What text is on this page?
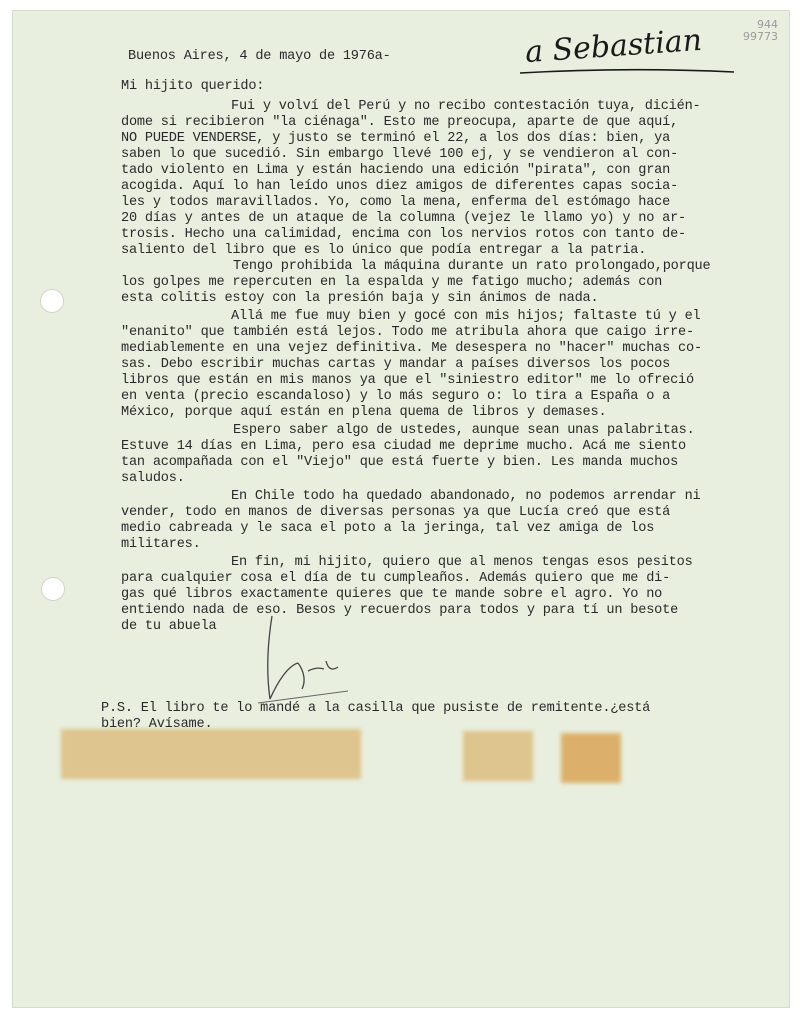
944
99773
a Sebastian
Buenos Aires, 4 de mayo de 1976a-
Mi hijito querido:
Fui y volví del Perú y no recibo contestación tuya, dicién-
dome si recibieron "la ciénaga". Esto me preocupa, aparte de que aquí,
NO PUEDE VENDERSE, y justo se terminó el 22, a los dos días: bien, ya
saben lo que sucedió. Sin embargo llevé 100 ej, y se vendieron al con-
tado violento en Lima y están haciendo una edición "pirata", con gran
acogida. Aquí lo han leído unos diez amigos de diferentes capas socia-
les y todos maravillados. Yo, como la mena, enferma del estómago hace
20 días y antes de un ataque de la columna (vejez le llamo yo) y no ar-
trosis. Hecho una calimidad, encima con los nervios rotos con tanto de-
saliento del libro que es lo único que podía entregar a la patria.
Tengo prohibida la máquina durante un rato prolongado,porque
los golpes me repercuten en la espalda y me fatigo mucho; además con
esta colitis estoy con la presión baja y sin ánimos de nada.
Allá me fue muy bien y gocé con mis hijos; faltaste tú y el
"enanito" que también está lejos. Todo me atribula ahora que caigo irre-
mediablemente en una vejez definitiva. Me desespera no "hacer" muchas co-
sas. Debo escribir muchas cartas y mandar a países diversos los pocos
libros que están en mis manos ya que el "siniestro editor" me lo ofreció
en venta (precio escandaloso) y lo más seguro o: lo tira a España o a
México, porque aquí están en plena quema de libros y demases.
Espero saber algo de ustedes, aunque sean unas palabritas.
Estuve 14 días en Lima, pero esa ciudad me deprime mucho. Acá me siento
tan acompañada con el "Viejo" que está fuerte y bien. Les manda muchos
saludos.
En Chile todo ha quedado abandonado, no podemos arrendar ni
vender, todo en manos de diversas personas ya que Lucía creó que está
medio cabreada y le saca el poto a la jeringa, tal vez amiga de los
militares.
En fin, mi hijito, quiero que al menos tengas esos pesitos
para cualquier cosa el día de tu cumpleaños. Además quiero que me di-
gas qué libros exactamente quieres que te mande sobre el agro. Yo no
entiendo nada de eso. Besos y recuerdos para todos y para tí un besote
de tu abuela
P.S. El libro te lo mandé a la casilla que pusiste de remitente.¿está
bien? Avísame.
